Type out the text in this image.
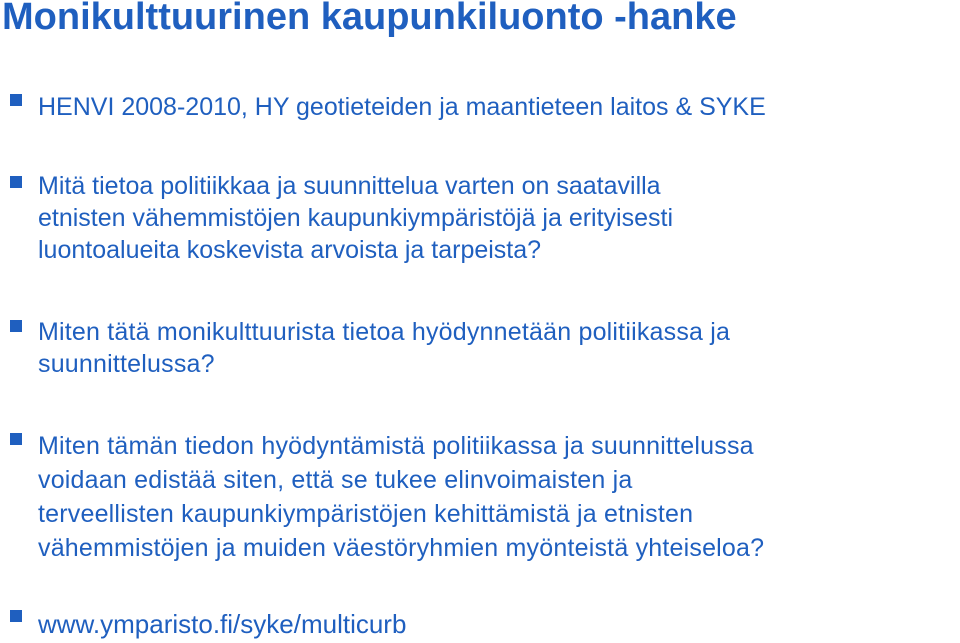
Monikulttuurinen kaupunkiluonto -hanke

HENVI 2008-2010, HY geotieteiden ja maantieteen laitos & SYKE

Mitä tietoa politiikkaa ja suunnittelua varten on saatavilla
etnisten vähemmistöjen kaupunkiympäristöjä ja erityisesti
luontoalueita koskevista arvoista ja tarpeista?

Miten tätä monikulttuurista tietoa hyödynnetään politiikassa ja
suunnittelussa?

Miten tämän tiedon hyödyntämistä politiikassa ja suunnittelussa
voidaan edistää siten, että se tukee elinvoimaisten ja
terveellisten kaupunkiympäristöjen kehittämistä ja etnisten
vähemmistöjen ja muiden väestöryhmien myönteistä yhteiseloa?

www.ymparisto.fi/syke/multicurb
